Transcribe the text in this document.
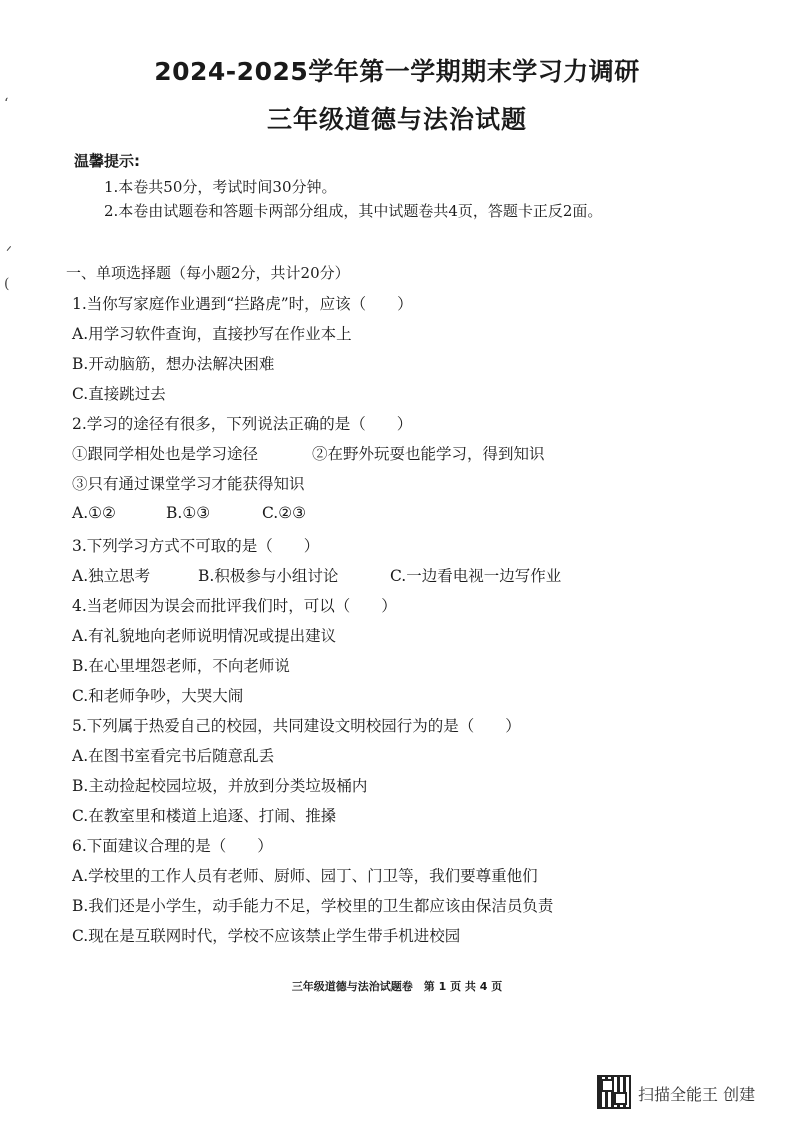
‘
ᐟ
(
2024-2025学年第一学期期末学习力调研
三年级道德与法治试题
温馨提示:
1.本卷共50分，考试时间30分钟。
2.本卷由试题卷和答题卡两部分组成，其中试题卷共4页，答题卡正反2面。
一、单项选择题（每小题2分，共计20分）
1.当你写家庭作业遇到“拦路虎”时，应该（　　）
A.用学习软件查询，直接抄写在作业本上
B.开动脑筋，想办法解决困难
C.直接跳过去
2.学习的途径有很多，下列说法正确的是（　　）
①跟同学相处也是学习途径	②在野外玩耍也能学习，得到知识
③只有通过课堂学习才能获得知识
A.①②	B.①③	C.②③
3.下列学习方式不可取的是（　　）
A.独立思考	B.积极参与小组讨论	C.一边看电视一边写作业
4.当老师因为误会而批评我们时，可以（　　）
A.有礼貌地向老师说明情况或提出建议
B.在心里埋怨老师，不向老师说
C.和老师争吵，大哭大闹
5.下列属于热爱自己的校园，共同建设文明校园行为的是（　　）
A.在图书室看完书后随意乱丢
B.主动捡起校园垃圾，并放到分类垃圾桶内
C.在教室里和楼道上追逐、打闹、推搡
6.下面建议合理的是（　　）
A.学校里的工作人员有老师、厨师、园丁、门卫等，我们要尊重他们
B.我们还是小学生，动手能力不足，学校里的卫生都应该由保洁员负责
C.现在是互联网时代，学校不应该禁止学生带手机进校园
三年级道德与法治试题卷　第 1 页 共 4 页
扫描全能王 创建
